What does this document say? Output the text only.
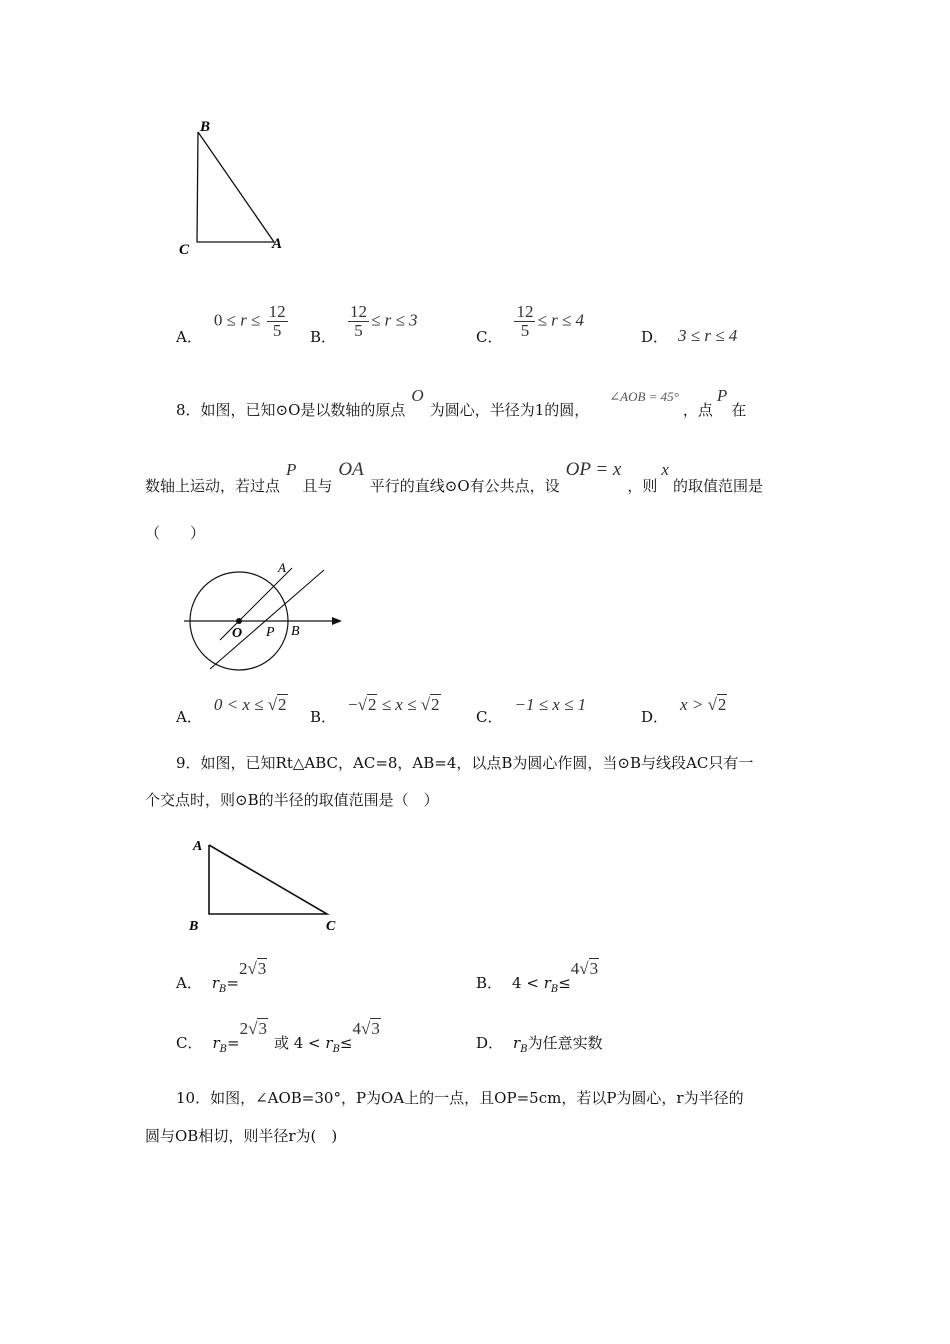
B
C	A
A．
$0 \le r \le \frac{12}{5}$ B． $\frac{12}{5} \le r \le 3$
C． $\frac{12}{5} \le r \le 4$
D． 3 ≤ r ≤ 4
8．如图，已知⊙O是以数轴的原点O为圆心，半径为1的圆，∠AOB = 45°，点P在
数轴上运动，若过点P且与OA平行的直线⊙O有公共点，设OP = x，则x的取值范围是
（　　）
A
O P B
A．0 < x ≤ √2
B．−√2 ≤ x ≤ √2
C．−1 ≤ x ≤ 1
D．x > √2
9．如图，已知Rt△ABC，AC=8，AB=4，以点B为圆心作圆，当⊙B与线段AC只有一
个交点时，则⊙B的半径的取值范围是（　）
A
B	C
A． $r_B=2√3$
B． $4 < r_B\le 4√3$
C． $r_B=2√3$或 $4 < r_B\le 4√3$
D． $r_B$为任意实数
10．如图，∠AOB=30°，P为OA上的一点，且OP=5cm，若以P为圆心，r为半径的
圆与OB相切，则半径r为(　)
